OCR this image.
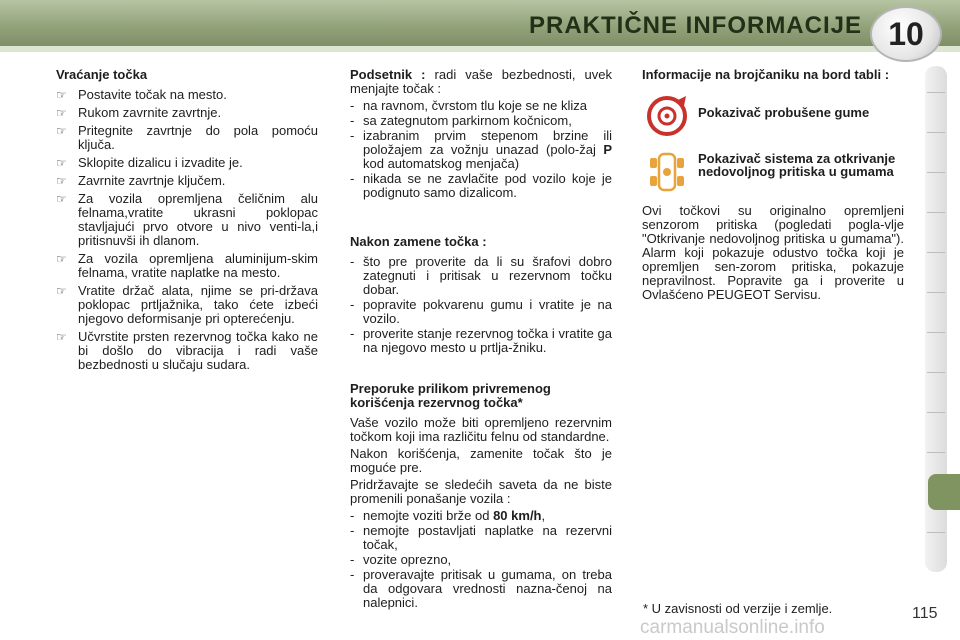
PRAKTIČNE INFORMACIJE 10
Vraćanje točka
☞ Postavite točak na mesto.
☞ Rukom zavrnite zavrtnje.
☞ Pritegnite zavrtnje do pola pomoću ključa.
☞ Sklopite dizalicu i izvadite je.
☞ Zavrnite zavrtnje ključem.
☞ Za vozila opremljena čeličnim alu felnama,vratite ukrasni poklopac stavljajući prvo otvore u nivo venti-la,i pritisnuvši ih dlanom.
☞ Za vozila opremljena aluminijum-skim felnama, vratite naplatke na mesto.
☞ Vratite držač alata, njime se pri-država poklopac prtljažnika, tako ćete izbeći njegovo deformisanje pri opterećenju.
☞ Učvrstite prsten rezervnog točka kako ne bi došlo do vibracija i radi vaše bezbednosti u slučaju sudara.
Podsetnik : radi vaše bezbednosti, uvek menjajte točak :
- na ravnom, čvrstom tlu koje se ne kliza
- sa zategnutom parkirnom kočnicom,
- izabranim prvim stepenom brzine ili položajem za vožnju unazad (polo-žaj P kod automatskog menjača)
- nikada se ne zavlačite pod vozilo koje je podignuto samo dizalicom.
Nakon zamene točka :
- što pre proverite da li su šrafovi dobro zategnuti i pritisak u rezervnom točku dobar.
- popravite pokvarenu gumu i vratite je na vozilo.
- proverite stanje rezervnog točka i vratite ga na njegovo mesto u prtlja-žniku.
Preporuke prilikom privremenog korišćenja rezervnog točka*
Vaše vozilo može biti opremljeno rezervnim točkom koji ima različitu felnu od standardne.
Nakon korišćenja, zamenite točak što je moguće pre.
Pridržavajte se sledećih saveta da ne biste promenili ponašanje vozila :
- nemojte voziti brže od 80 km/h,
- nemojte postavljati naplatke na rezervni točak,
- vozite oprezno,
- proveravajte pritisak u gumama, on treba da odgovara vrednosti nazna-čenoj na nalepnici.
Informacije na brojčaniku na bord tabli :
Pokazivač probušene gume
Pokazivač sistema za otkrivanje nedovoljnog pritiska u gumama
Ovi točkovi su originalno opremljeni senzorom pritiska (pogledati pogla-vlje "Otkrivanje nedovoljnog pritiska u gumama"). Alarm koji pokazuje odustvo točka koji je opremljen sen-zorom pritiska, pokazuje nepravilnost. Popravite ga i proverite u Ovlašćeno PEUGEOT Servisu.
* U zavisnosti od verzije i zemlje.
carmanualsonline.info
115
